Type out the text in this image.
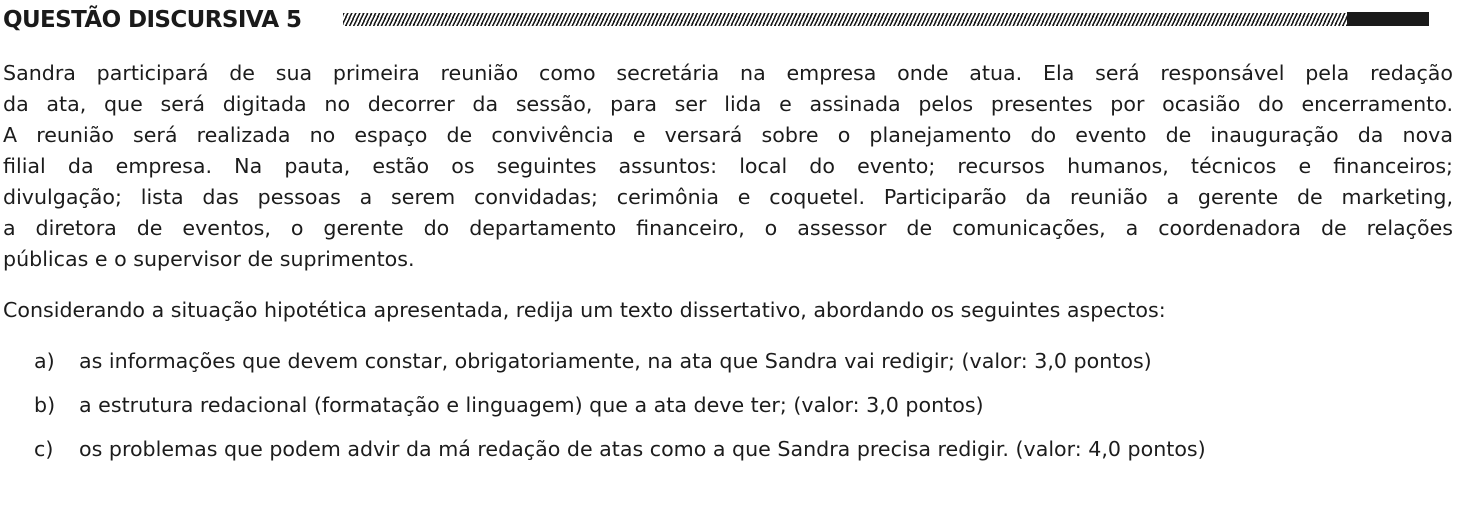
QUESTÃO DISCURSIVA 5

Sandra participará de sua primeira reunião como secretária na empresa onde atua. Ela será responsável pela redação
da ata, que será digitada no decorrer da sessão, para ser lida e assinada pelos presentes por ocasião do encerramento.
A reunião será realizada no espaço de convivência e versará sobre o planejamento do evento de inauguração da nova
filial da empresa. Na pauta, estão os seguintes assuntos: local do evento; recursos humanos, técnicos e financeiros;
divulgação; lista das pessoas a serem convidadas; cerimônia e coquetel. Participarão da reunião a gerente de marketing,
a diretora de eventos, o gerente do departamento financeiro, o assessor de comunicações, a coordenadora de relações
públicas e o supervisor de suprimentos.

Considerando a situação hipotética apresentada, redija um texto dissertativo, abordando os seguintes aspectos:

a)	as informações que devem constar, obrigatoriamente, na ata que Sandra vai redigir; (valor: 3,0 pontos)
b)	a estrutura redacional (formatação e linguagem) que a ata deve ter; (valor: 3,0 pontos)
c)	os problemas que podem advir da má redação de atas como a que Sandra precisa redigir. (valor: 4,0 pontos)
